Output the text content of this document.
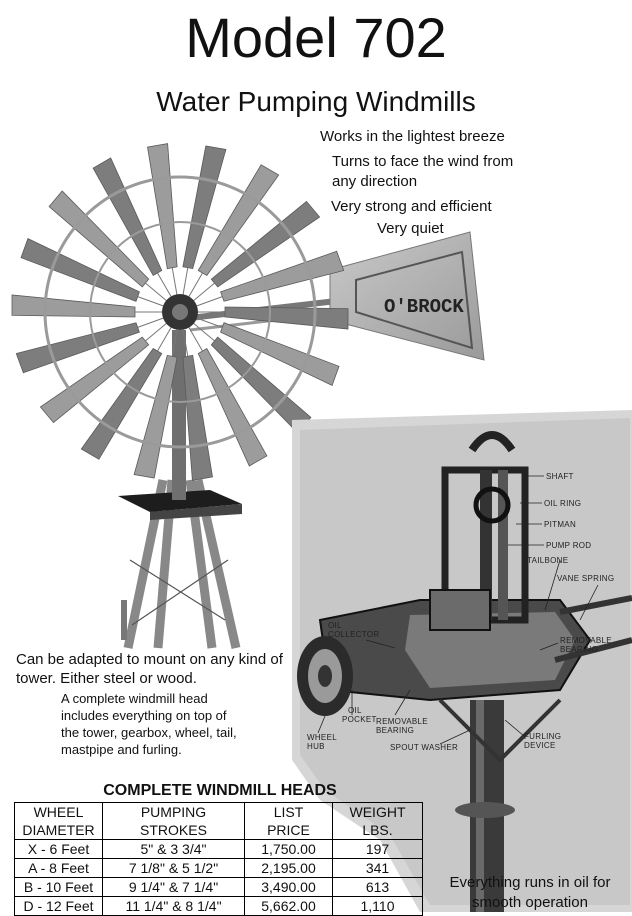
Model 702
Water Pumping Windmills
O'BROCK
Works in the lightest breeze
Turns to face the wind from any direction
Very strong and efficient
Very quiet
SHAFT
OIL RING
PITMAN
PUMP ROD
TAILBONE
VANE SPRING
OIL
COLLECTOR
REMOVABLE
BEARING
OIL
POCKET REMOVABLE
BEARING
WHEEL
HUB	SPOUT WASHER
FURLING
DEVICE
Can be adapted to mount on any kind of tower. Either steel or wood.
A complete windmill head includes everything on top of the tower, gearbox, wheel, tail, mastpipe and furling.
COMPLETE WINDMILL HEADS
WHEEL	PUMPING	LIST	WEIGHT
DIAMETER	STROKES	PRICE	LBS.
X - 6 Feet	5" & 3 3/4"	1,750.00	197
A - 8 Feet	7 1/8" & 5 1/2"	2,195.00	341
B - 10 Feet	9 1/4" & 7 1/4"	3,490.00	613
D - 12 Feet	11 1/4" & 8 1/4"	5,662.00	1,110
Everything runs in oil for smooth operation
